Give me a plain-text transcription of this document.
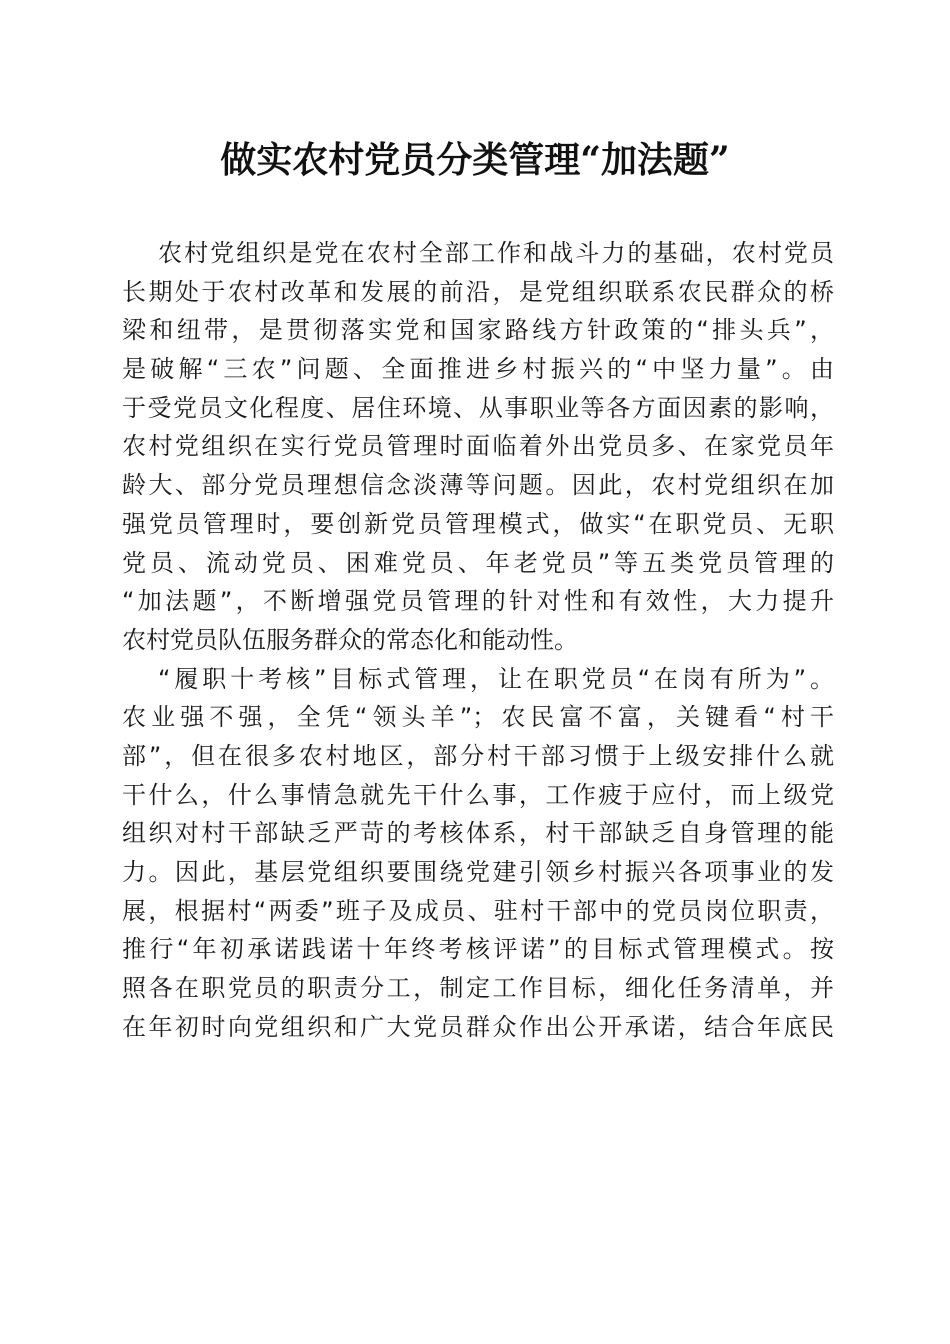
做实农村党员分类管理“加法题”
农村党组织是党在农村全部工作和战斗力的基础，农村党员
长期处于农村改革和发展的前沿，是党组织联系农民群众的桥
梁和纽带，是贯彻落实党和国家路线方针政策的“排头兵”，
是破解“三农”问题、全面推进乡村振兴的“中坚力量”。由
于受党员文化程度、居住环境、从事职业等各方面因素的影响，
农村党组织在实行党员管理时面临着外出党员多、在家党员年
龄大、部分党员理想信念淡薄等问题。因此，农村党组织在加
强党员管理时，要创新党员管理模式，做实“在职党员、无职
党员、流动党员、困难党员、年老党员”等五类党员管理的
“加法题”，不断增强党员管理的针对性和有效性，大力提升
农村党员队伍服务群众的常态化和能动性。
“履职十考核”目标式管理，让在职党员“在岗有所为”。
农业强不强，全凭“领头羊”；农民富不富，关键看“村干
部”，但在很多农村地区，部分村干部习惯于上级安排什么就
干什么，什么事情急就先干什么事，工作疲于应付，而上级党
组织对村干部缺乏严苛的考核体系，村干部缺乏自身管理的能
力。因此，基层党组织要围绕党建引领乡村振兴各项事业的发
展，根据村“两委”班子及成员、驻村干部中的党员岗位职责，
推行“年初承诺践诺十年终考核评诺”的目标式管理模式。按
照各在职党员的职责分工，制定工作目标，细化任务清单，并
在年初时向党组织和广大党员群众作出公开承诺，结合年底民
